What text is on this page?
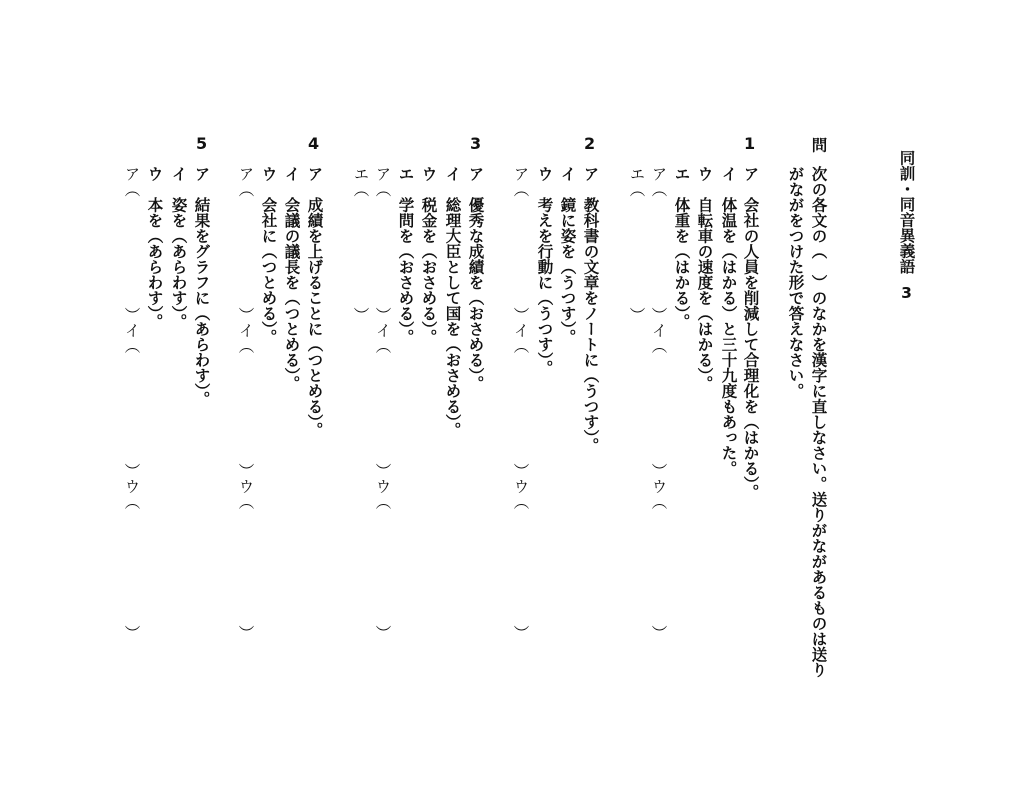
同訓・同音異義語
3
問
次の各文の（　）のなかを漢字に直しなさい。送りがながあるものは送り
がながをつけた形で答えなさい。
1
ア　会社の人員を削減して合理化を（はかる）。
イ　体温を（はかる）と三十九度もあった。
ウ　自転車の速度を（はかる）。
エ　体重を（はかる）。
ア（
）イ（
）ウ（
）
エ（
）
2
ア　教科書の文章をノートに（うつす）。
イ　鏡に姿を（うつす）。
ウ　考えを行動に（うつす）。
ア（
）イ（
）ウ（
）
3
ア　優秀な成績を（おさめる）。
イ　総理大臣として国を（おさめる）。
ウ　税金を（おさめる）。
エ　学問を（おさめる）。
ア（
）イ（
）ウ（
）
エ（
）
4
ア　成績を上げることに（つとめる）。
イ　会議の議長を（つとめる）。
ウ　会社に（つとめる）。
ア（
）イ（
）ウ（
）
5
ア　結果をグラフに（あらわす）。
イ　姿を（あらわす）。
ウ　本を（あらわす）。
ア（
）イ（
）ウ（
）
